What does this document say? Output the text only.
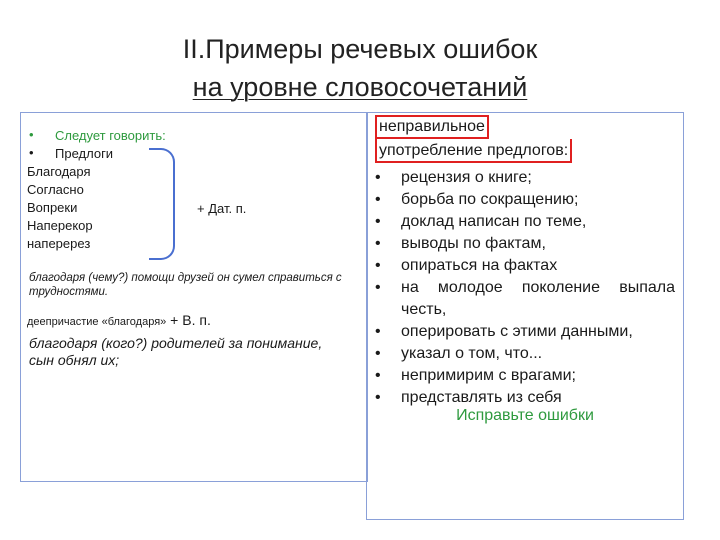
II.Примеры речевых ошибок
на уровне словосочетаний
• Следует говорить:
• Предлоги
Благодаря
Согласно
Вопреки
Наперекор
наперерез
+ Дат. п.
благодаря (чему?) помощи друзей он сумел справиться с трудностями.
деепричастие «благодаря» + В. п.
благодаря (кого?) родителей за понимание, сын обнял их;
неправильное
употребление предлогов:
• рецензия о книге;
• борьба по сокращению;
• доклад написан по теме,
• выводы по фактам,
• опираться на фактах
• на молодое поколение выпала
честь,
• оперировать с этими данными,
• указал о том, что...
• непримирим с врагами;
• представлять из себя
Исправьте ошибки
